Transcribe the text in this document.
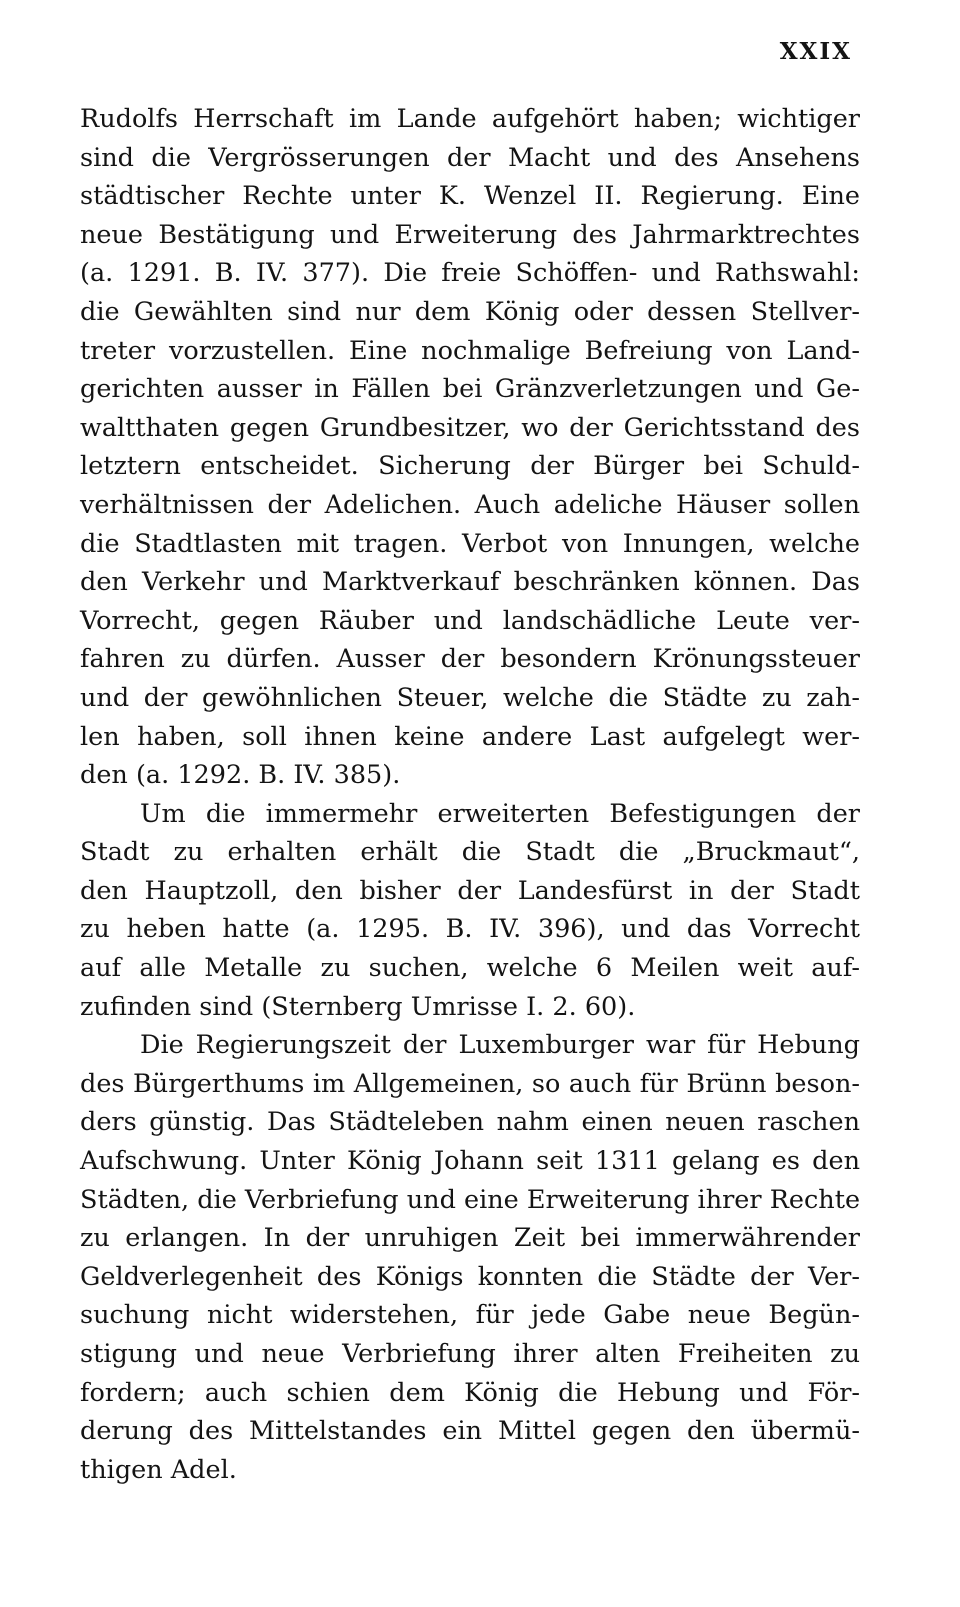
XXIX
Rudolfs Herrschaft im Lande aufgehört haben; wichtiger
sind die Vergrösserungen der Macht und des Ansehens
städtischer Rechte unter K. Wenzel II. Regierung. Eine
neue Bestätigung und Erweiterung des Jahrmarktrechtes
(a. 1291. B. IV. 377). Die freie Schöffen- und Rathswahl:
die Gewählten sind nur dem König oder dessen Stellver-
treter vorzustellen. Eine nochmalige Befreiung von Land-
gerichten ausser in Fällen bei Gränzverletzungen und Ge-
waltthaten gegen Grundbesitzer, wo der Gerichtsstand des
letztern entscheidet. Sicherung der Bürger bei Schuld-
verhältnissen der Adelichen. Auch adeliche Häuser sollen
die Stadtlasten mit tragen. Verbot von Innungen, welche
den Verkehr und Marktverkauf beschränken können. Das
Vorrecht, gegen Räuber und landschädliche Leute ver-
fahren zu dürfen. Ausser der besondern Krönungssteuer
und der gewöhnlichen Steuer, welche die Städte zu zah-
len haben, soll ihnen keine andere Last aufgelegt wer-
den (a. 1292. B. IV. 385).
Um die immermehr erweiterten Befestigungen der
Stadt zu erhalten erhält die Stadt die „Bruckmaut“,
den Hauptzoll, den bisher der Landesfürst in der Stadt
zu heben hatte (a. 1295. B. IV. 396), und das Vorrecht
auf alle Metalle zu suchen, welche 6 Meilen weit auf-
zufinden sind (Sternberg Umrisse I. 2. 60).
Die Regierungszeit der Luxemburger war für Hebung
des Bürgerthums im Allgemeinen, so auch für Brünn beson-
ders günstig. Das Städteleben nahm einen neuen raschen
Aufschwung. Unter König Johann seit 1311 gelang es den
Städten, die Verbriefung und eine Erweiterung ihrer Rechte
zu erlangen. In der unruhigen Zeit bei immerwährender
Geldverlegenheit des Königs konnten die Städte der Ver-
suchung nicht widerstehen, für jede Gabe neue Begün-
stigung und neue Verbriefung ihrer alten Freiheiten zu
fordern; auch schien dem König die Hebung und För-
derung des Mittelstandes ein Mittel gegen den übermü-
thigen Adel.
